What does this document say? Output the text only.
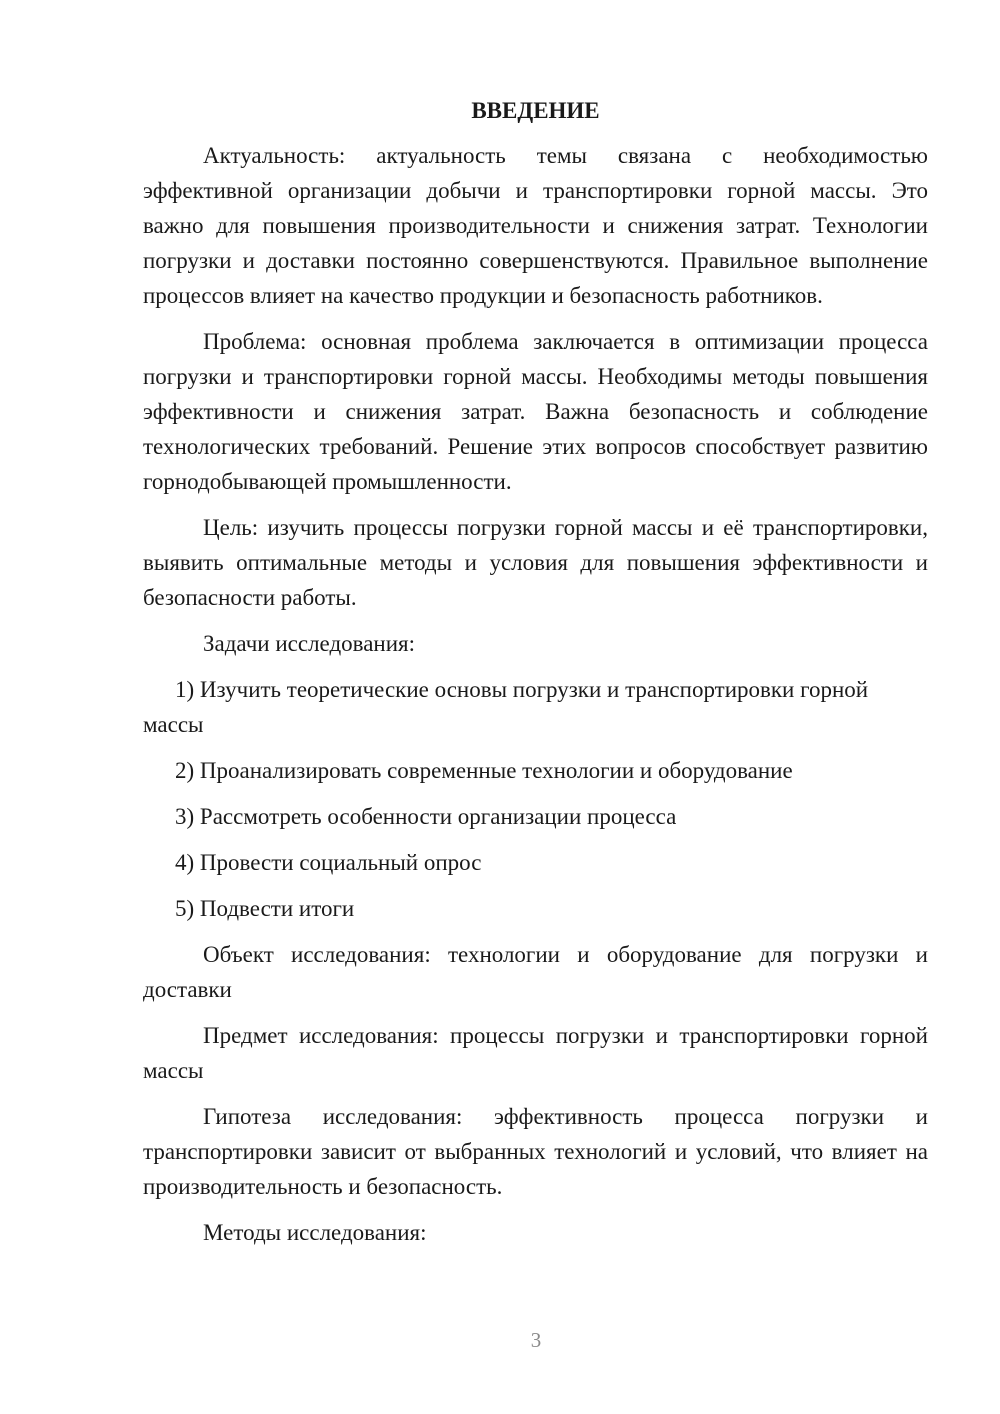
ВВЕДЕНИЕ

Актуальность: актуальность темы связана с необходимостью эффективной организации добычи и транспортировки горной массы. Это важно для повышения производительности и снижения затрат. Технологии погрузки и доставки постоянно совершенствуются. Правильное выполнение процессов влияет на качество продукции и безопасность работников.

Проблема: основная проблема заключается в оптимизации процесса погрузки и транспортировки горной массы. Необходимы методы повышения эффективности и снижения затрат. Важна безопасность и соблюдение технологических требований. Решение этих вопросов способствует развитию горнодобывающей промышленности.

Цель: изучить процессы погрузки горной массы и её транспортировки, выявить оптимальные методы и условия для повышения эффективности и безопасности работы.

Задачи исследования:

1) Изучить теоретические основы погрузки и транспортировки горной массы

2) Проанализировать современные технологии и оборудование

3) Рассмотреть особенности организации процесса

4) Провести социальный опрос

5) Подвести итоги

Объект исследования: технологии и оборудование для погрузки и доставки

Предмет исследования: процессы погрузки и транспортировки горной массы

Гипотеза исследования: эффективность процесса погрузки и транспортировки зависит от выбранных технологий и условий, что влияет на производительность и безопасность.

Методы исследования:

3
